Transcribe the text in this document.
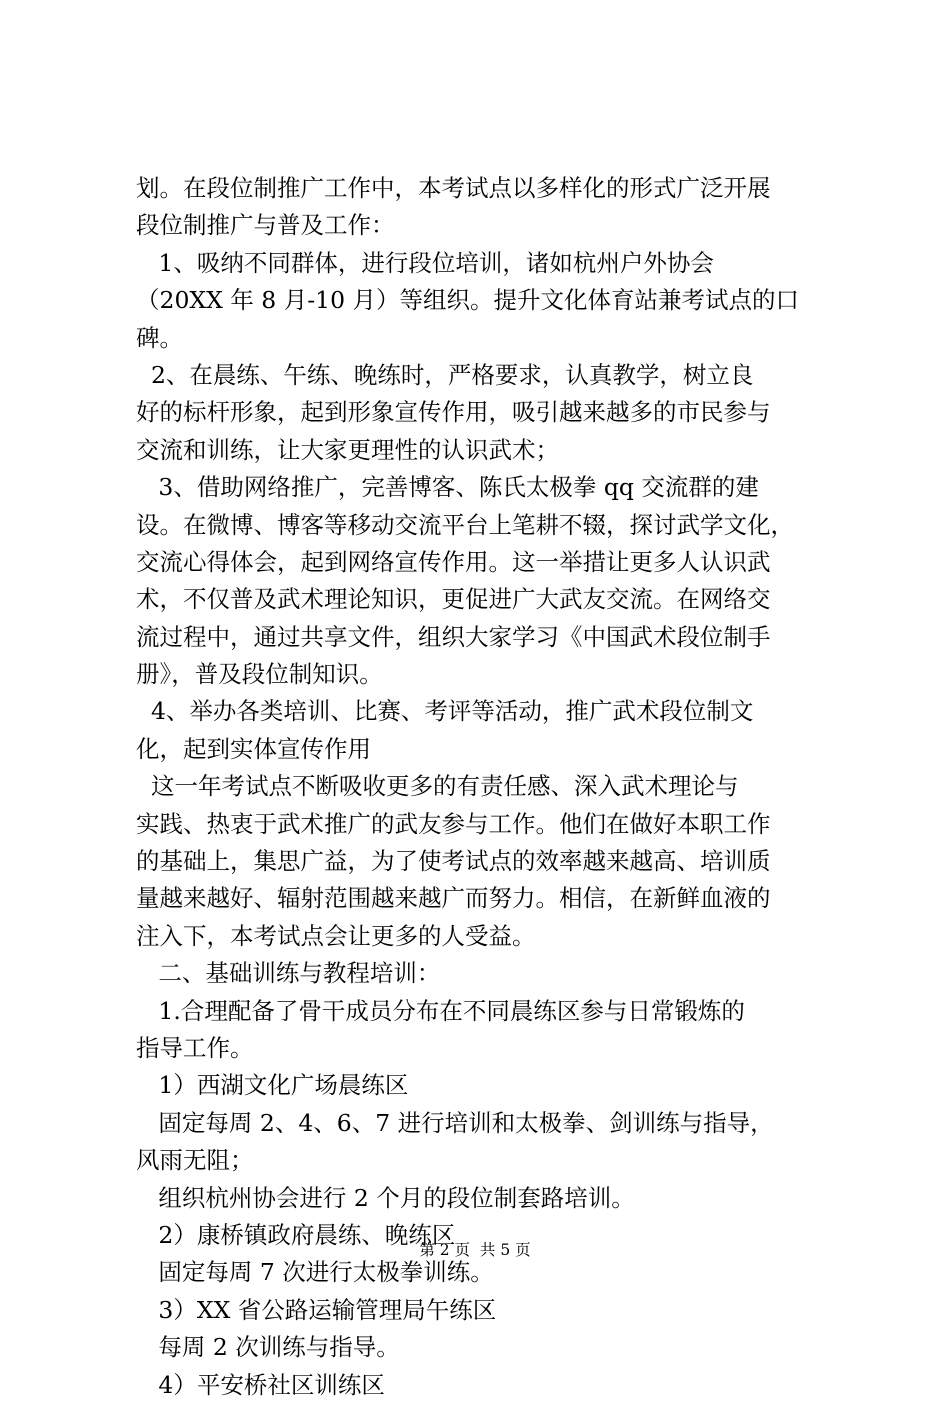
划。在段位制推广工作中，本考试点以多样化的形式广泛开展
段位制推广与普及工作：
1、吸纳不同群体，进行段位培训，诸如杭州户外协会
（20XX 年 8 月-10 月）等组织。提升文化体育站兼考试点的口
碑。
2、在晨练、午练、晚练时，严格要求，认真教学，树立良
好的标杆形象，起到形象宣传作用，吸引越来越多的市民参与
交流和训练，让大家更理性的认识武术；
3、借助网络推广，完善博客、陈氏太极拳 qq 交流群的建
设。在微博、博客等移动交流平台上笔耕不辍，探讨武学文化，
交流心得体会，起到网络宣传作用。这一举措让更多人认识武
术，不仅普及武术理论知识，更促进广大武友交流。在网络交
流过程中，通过共享文件，组织大家学习《中国武术段位制手
册》，普及段位制知识。
4、举办各类培训、比赛、考评等活动，推广武术段位制文
化，起到实体宣传作用
这一年考试点不断吸收更多的有责任感、深入武术理论与
实践、热衷于武术推广的武友参与工作。他们在做好本职工作
的基础上，集思广益，为了使考试点的效率越来越高、培训质
量越来越好、辐射范围越来越广而努力。相信，在新鲜血液的
注入下，本考试点会让更多的人受益。
二、基础训练与教程培训：
1.合理配备了骨干成员分布在不同晨练区参与日常锻炼的
指导工作。
1）西湖文化广场晨练区
固定每周 2、4、6、7 进行培训和太极拳、剑训练与指导，
风雨无阻；
组织杭州协会进行 2 个月的段位制套路培训。
2）康桥镇政府晨练、晚练区
固定每周 7 次进行太极拳训练。
3）XX 省公路运输管理局午练区
每周 2 次训练与指导。
4）平安桥社区训练区
第 2 页  共 5 页
